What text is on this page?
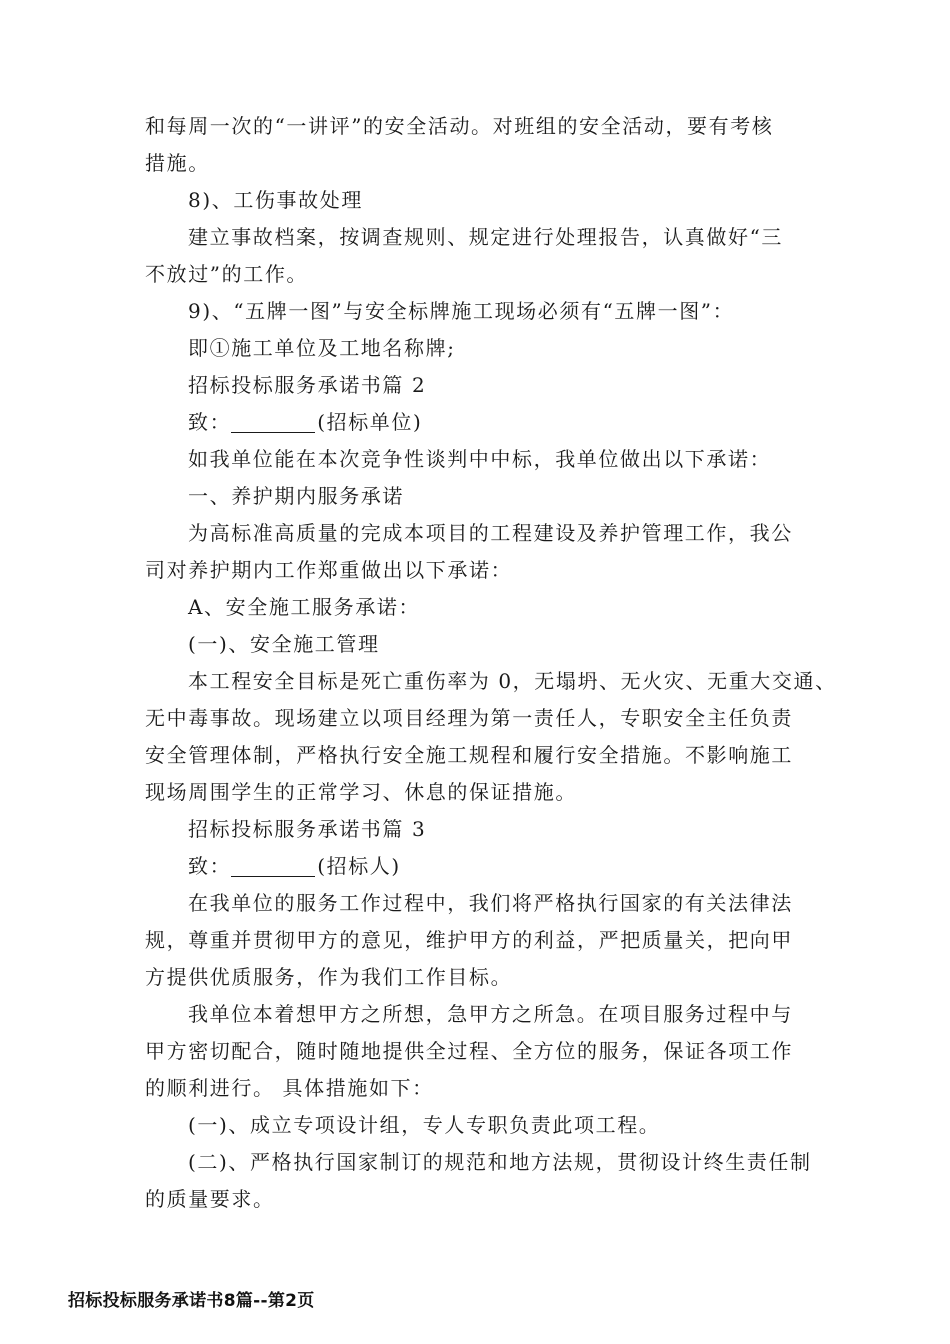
和每周一次的“一讲评”的安全活动。对班组的安全活动，要有考核
措施。
8)、工伤事故处理
建立事故档案，按调查规则、规定进行处理报告，认真做好“三
不放过”的工作。
9)、“五牌一图”与安全标牌施工现场必须有“五牌一图”：
即①施工单位及工地名称牌;
招标投标服务承诺书篇 2
致：	(招标单位)
如我单位能在本次竞争性谈判中中标，我单位做出以下承诺：
一、养护期内服务承诺
为高标准高质量的完成本项目的工程建设及养护管理工作，我公
司对养护期内工作郑重做出以下承诺：
A、安全施工服务承诺：
(一)、安全施工管理
本工程安全目标是死亡重伤率为 0，无塌坍、无火灾、无重大交通、
无中毒事故。现场建立以项目经理为第一责任人，专职安全主任负责
安全管理体制，严格执行安全施工规程和履行安全措施。不影响施工
现场周围学生的正常学习、休息的保证措施。
招标投标服务承诺书篇 3
致：	(招标人)
在我单位的服务工作过程中，我们将严格执行国家的有关法律法
规，尊重并贯彻甲方的意见，维护甲方的利益，严把质量关，把向甲
方提供优质服务，作为我们工作目标。
我单位本着想甲方之所想，急甲方之所急。在项目服务过程中与
甲方密切配合，随时随地提供全过程、全方位的服务，保证各项工作
的顺利进行。 具体措施如下：
(一)、成立专项设计组，专人专职负责此项工程。
(二)、严格执行国家制订的规范和地方法规，贯彻设计终生责任制
的质量要求。
招标投标服务承诺书8篇--第2页
